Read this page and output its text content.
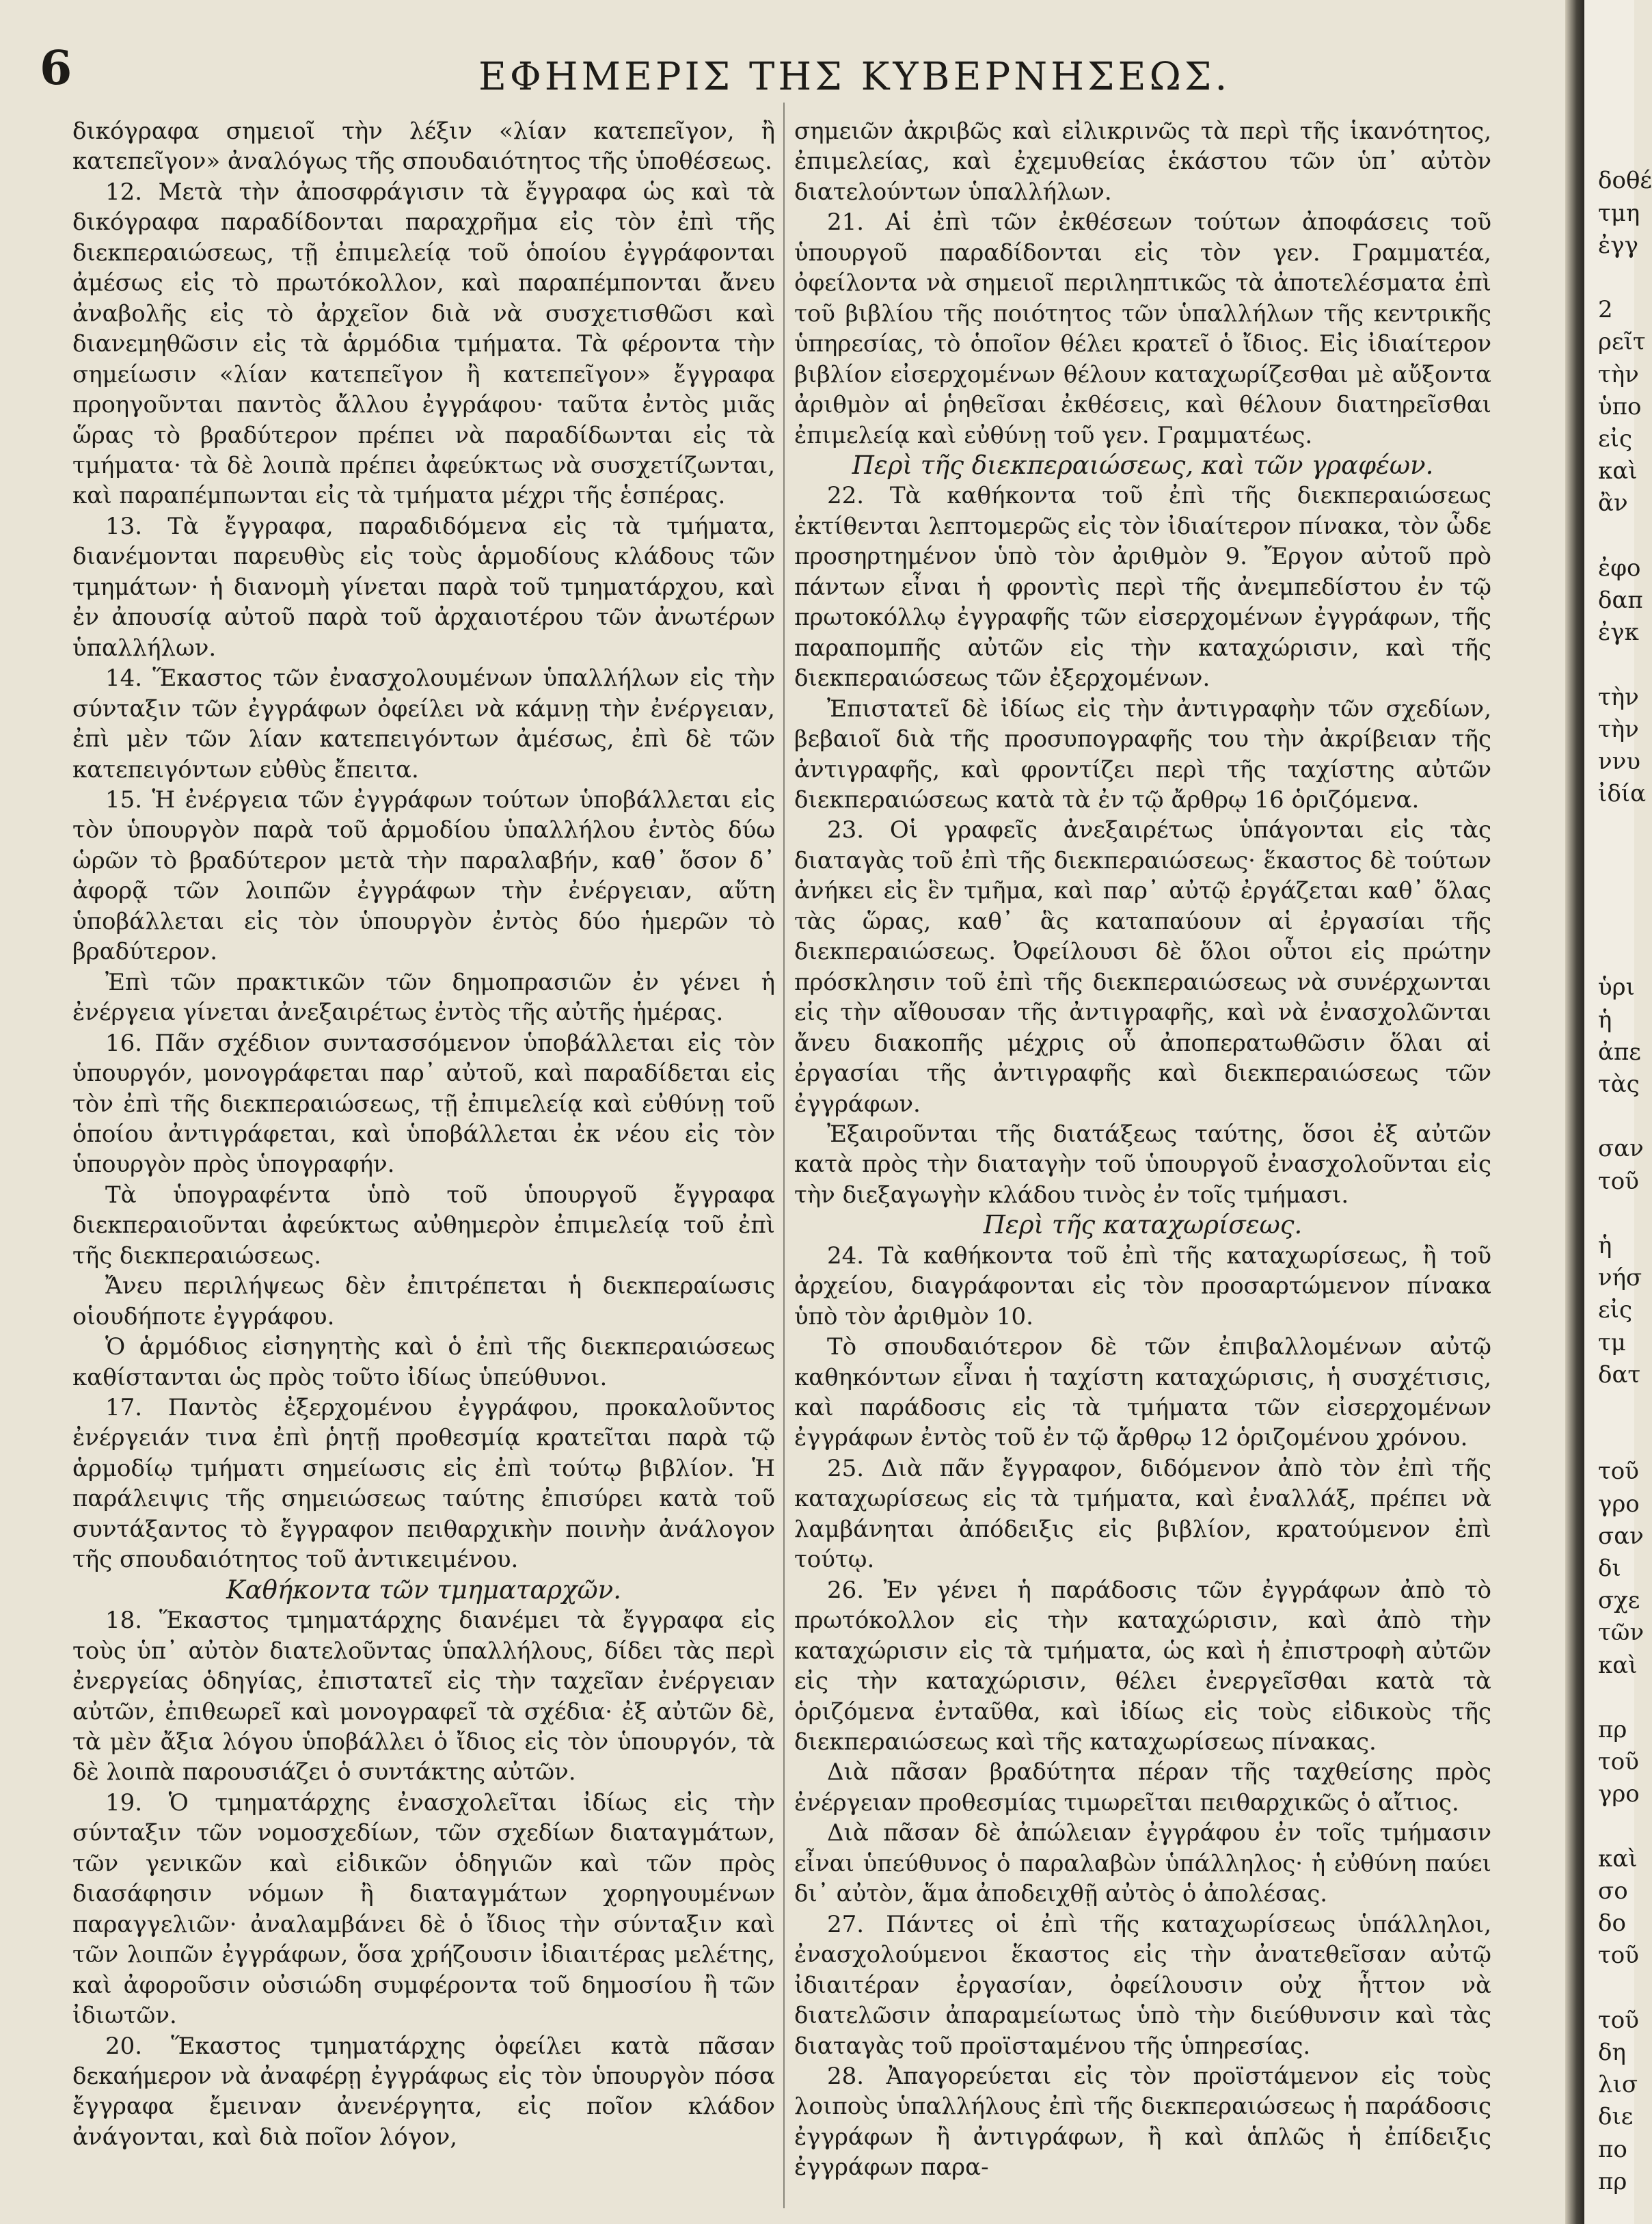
6	ΕΦΗΜΕΡΙΣ ΤΗΣ ΚΥΒΕΡΝΗΣΕΩΣ.

δικόγραφα σημειοῖ τὴν λέξιν «λίαν κατεπεῖγον, ἢ κατεπεῖγον» ἀναλόγως τῆς σπουδαιότητος τῆς ὑποθέσεως.

12. Μετὰ τὴν ἀποσφράγισιν τὰ ἔγγραφα ὡς καὶ τὰ δικόγραφα παραδίδονται παραχρῆμα εἰς τὸν ἐπὶ τῆς διεκπεραιώσεως, τῇ ἐπιμελείᾳ τοῦ ὁποίου ἐγγράφονται ἀμέσως εἰς τὸ πρωτόκολλον, καὶ παραπέμπονται ἄνευ ἀναβολῆς εἰς τὸ ἀρχεῖον διὰ νὰ συσχετισθῶσι καὶ διανεμηθῶσιν εἰς τὰ ἁρμόδια τμήματα. Τὰ φέροντα τὴν σημείωσιν «λίαν κατεπεῖγον ἢ κατεπεῖγον» ἔγγραφα προηγοῦνται παντὸς ἄλλου ἐγγράφου· ταῦτα ἐντὸς μιᾶς ὥρας τὸ βραδύτερον πρέπει νὰ παραδίδωνται εἰς τὰ τμήματα· τὰ δὲ λοιπὰ πρέπει ἀφεύκτως νὰ συσχετίζωνται, καὶ παραπέμπωνται εἰς τὰ τμήματα μέχρι τῆς ἑσπέρας.

13. Τὰ ἔγγραφα, παραδιδόμενα εἰς τὰ τμήματα, διανέμονται παρευθὺς εἰς τοὺς ἁρμοδίους κλάδους τῶν τμημάτων· ἡ διανομὴ γίνεται παρὰ τοῦ τμηματάρχου, καὶ ἐν ἀπουσίᾳ αὐτοῦ παρὰ τοῦ ἀρχαιοτέρου τῶν ἀνωτέρων ὑπαλλήλων.

14. Ἕκαστος τῶν ἐνασχολουμένων ὑπαλλήλων εἰς τὴν σύνταξιν τῶν ἐγγράφων ὀφείλει νὰ κάμνῃ τὴν ἐνέργειαν, ἐπὶ μὲν τῶν λίαν κατεπειγόντων ἀμέσως, ἐπὶ δὲ τῶν κατεπειγόντων εὐθὺς ἔπειτα.

15. Ἡ ἐνέργεια τῶν ἐγγράφων τούτων ὑποβάλλεται εἰς τὸν ὑπουργὸν παρὰ τοῦ ἁρμοδίου ὑπαλλήλου ἐντὸς δύω ὡρῶν τὸ βραδύτερον μετὰ τὴν παραλαβήν, καθ᾽ ὅσον δ᾽ ἀφορᾷ τῶν λοιπῶν ἐγγράφων τὴν ἐνέργειαν, αὕτη ὑποβάλλεται εἰς τὸν ὑπουργὸν ἐντὸς δύο ἡμερῶν τὸ βραδύτερον.

Ἐπὶ τῶν πρακτικῶν τῶν δημοπρασιῶν ἐν γένει ἡ ἐνέργεια γίνεται ἀνεξαιρέτως ἐντὸς τῆς αὐτῆς ἡμέρας.

16. Πᾶν σχέδιον συντασσόμενον ὑποβάλλεται εἰς τὸν ὑπουργόν, μονογράφεται παρ᾽ αὐτοῦ, καὶ παραδίδεται εἰς τὸν ἐπὶ τῆς διεκπεραιώσεως, τῇ ἐπιμελείᾳ καὶ εὐθύνῃ τοῦ ὁποίου ἀντιγράφεται, καὶ ὑποβάλλεται ἐκ νέου εἰς τὸν ὑπουργὸν πρὸς ὑπογραφήν.

Τὰ ὑπογραφέντα ὑπὸ τοῦ ὑπουργοῦ ἔγγραφα διεκπεραιοῦνται ἀφεύκτως αὐθημερὸν ἐπιμελείᾳ τοῦ ἐπὶ τῆς διεκπεραιώσεως.

Ἄνευ περιλήψεως δὲν ἐπιτρέπεται ἡ διεκπεραίωσις οἱουδήποτε ἐγγράφου.

Ὁ ἁρμόδιος εἰσηγητὴς καὶ ὁ ἐπὶ τῆς διεκπεραιώσεως καθίστανται ὡς πρὸς τοῦτο ἰδίως ὑπεύθυνοι.

17. Παντὸς ἐξερχομένου ἐγγράφου, προκαλοῦντος ἐνέργειάν τινα ἐπὶ ῥητῇ προθεσμίᾳ κρατεῖται παρὰ τῷ ἁρμοδίῳ τμήματι σημείωσις εἰς ἐπὶ τούτῳ βιβλίον. Ἡ παράλειψις τῆς σημειώσεως ταύτης ἐπισύρει κατὰ τοῦ συντάξαντος τὸ ἔγγραφον πειθαρχικὴν ποινὴν ἀνάλογον τῆς σπουδαιότητος τοῦ ἀντικειμένου.

Καθήκοντα τῶν τμηματαρχῶν.

18. Ἕκαστος τμηματάρχης διανέμει τὰ ἔγγραφα εἰς τοὺς ὑπ᾽ αὐτὸν διατελοῦντας ὑπαλλήλους, δίδει τὰς περὶ ἐνεργείας ὁδηγίας, ἐπιστατεῖ εἰς τὴν ταχεῖαν ἐνέργειαν αὐτῶν, ἐπιθεωρεῖ καὶ μονογραφεῖ τὰ σχέδια· ἐξ αὐτῶν δὲ, τὰ μὲν ἄξια λόγου ὑποβάλλει ὁ ἴδιος εἰς τὸν ὑπουργόν, τὰ δὲ λοιπὰ παρουσιάζει ὁ συντάκτης αὐτῶν.

19. Ὁ τμηματάρχης ἐνασχολεῖται ἰδίως εἰς τὴν σύνταξιν τῶν νομοσχεδίων, τῶν σχεδίων διαταγμάτων, τῶν γενικῶν καὶ εἰδικῶν ὁδηγιῶν καὶ τῶν πρὸς διασάφησιν νόμων ἢ διαταγμάτων χορηγουμένων παραγγελιῶν· ἀναλαμβάνει δὲ ὁ ἴδιος τὴν σύνταξιν καὶ τῶν λοιπῶν ἐγγράφων, ὅσα χρήζουσιν ἰδιαιτέρας μελέτης, καὶ ἀφοροῦσιν οὐσιώδη συμφέροντα τοῦ δημοσίου ἢ τῶν ἰδιωτῶν.

20. Ἕκαστος τμηματάρχης ὀφείλει κατὰ πᾶσαν δεκαήμερον νὰ ἀναφέρῃ ἐγγράφως εἰς τὸν ὑπουργὸν πόσα ἔγγραφα ἔμειναν ἀνενέργητα, εἰς ποῖον κλάδον ἀνάγονται, καὶ διὰ ποῖον λόγον,

σημειῶν ἀκριβῶς καὶ εἰλικρινῶς τὰ περὶ τῆς ἱκανότητος, ἐπιμελείας, καὶ ἐχεμυθείας ἑκάστου τῶν ὑπ᾽ αὐτὸν διατελούντων ὑπαλλήλων.

21. Αἱ ἐπὶ τῶν ἐκθέσεων τούτων ἀποφάσεις τοῦ ὑπουργοῦ παραδίδονται εἰς τὸν γεν. Γραμματέα, ὀφείλοντα νὰ σημειοῖ περιληπτικῶς τὰ ἀποτελέσματα ἐπὶ τοῦ βιβλίου τῆς ποιότητος τῶν ὑπαλλήλων τῆς κεντρικῆς ὑπηρεσίας, τὸ ὁποῖον θέλει κρατεῖ ὁ ἴδιος. Εἰς ἰδιαίτερον βιβλίον εἰσερχομένων θέλουν καταχωρίζεσθαι μὲ αὔξοντα ἀριθμὸν αἱ ῥηθεῖσαι ἐκθέσεις, καὶ θέλουν διατηρεῖσθαι ἐπιμελείᾳ καὶ εὐθύνῃ τοῦ γεν. Γραμματέως.

Περὶ τῆς διεκπεραιώσεως, καὶ τῶν γραφέων.

22. Τὰ καθήκοντα τοῦ ἐπὶ τῆς διεκπεραιώσεως ἐκτίθενται λεπτομερῶς εἰς τὸν ἰδιαίτερον πίνακα, τὸν ὧδε προσηρτημένον ὑπὸ τὸν ἀριθμὸν 9. Ἔργον αὐτοῦ πρὸ πάντων εἶναι ἡ φροντὶς περὶ τῆς ἀνεμπεδίστου ἐν τῷ πρωτοκόλλῳ ἐγγραφῆς τῶν εἰσερχομένων ἐγγράφων, τῆς παραπομπῆς αὐτῶν εἰς τὴν καταχώρισιν, καὶ τῆς διεκπεραιώσεως τῶν ἐξερχομένων.

Ἐπιστατεῖ δὲ ἰδίως εἰς τὴν ἀντιγραφὴν τῶν σχεδίων, βεβαιοῖ διὰ τῆς προσυπογραφῆς του τὴν ἀκρίβειαν τῆς ἀντιγραφῆς, καὶ φροντίζει περὶ τῆς ταχίστης αὐτῶν διεκπεραιώσεως κατὰ τὰ ἐν τῷ ἄρθρῳ 16 ὁριζόμενα.

23. Οἱ γραφεῖς ἀνεξαιρέτως ὑπάγονται εἰς τὰς διαταγὰς τοῦ ἐπὶ τῆς διεκπεραιώσεως· ἕκαστος δὲ τούτων ἀνήκει εἰς ἓν τμῆμα, καὶ παρ᾽ αὐτῷ ἐργάζεται καθ᾽ ὅλας τὰς ὥρας, καθ᾽ ἃς καταπαύουν αἱ ἐργασίαι τῆς διεκπεραιώσεως. Ὀφείλουσι δὲ ὅλοι οὗτοι εἰς πρώτην πρόσκλησιν τοῦ ἐπὶ τῆς διεκπεραιώσεως νὰ συνέρχωνται εἰς τὴν αἴθουσαν τῆς ἀντιγραφῆς, καὶ νὰ ἐνασχολῶνται ἄνευ διακοπῆς μέχρις οὗ ἀποπερατωθῶσιν ὅλαι αἱ ἐργασίαι τῆς ἀντιγραφῆς καὶ διεκπεραιώσεως τῶν ἐγγράφων.

Ἐξαιροῦνται τῆς διατάξεως ταύτης, ὅσοι ἐξ αὐτῶν κατὰ πρὸς τὴν διαταγὴν τοῦ ὑπουργοῦ ἐνασχολοῦνται εἰς τὴν διεξαγωγὴν κλάδου τινὸς ἐν τοῖς τμήμασι.

Περὶ τῆς καταχωρίσεως.

24. Τὰ καθήκοντα τοῦ ἐπὶ τῆς καταχωρίσεως, ἢ τοῦ ἀρχείου, διαγράφονται εἰς τὸν προσαρτώμενον πίνακα ὑπὸ τὸν ἀριθμὸν 10.

Τὸ σπουδαιότερον δὲ τῶν ἐπιβαλλομένων αὐτῷ καθηκόντων εἶναι ἡ ταχίστη καταχώρισις, ἡ συσχέτισις, καὶ παράδοσις εἰς τὰ τμήματα τῶν εἰσερχομένων ἐγγράφων ἐντὸς τοῦ ἐν τῷ ἄρθρῳ 12 ὁριζομένου χρόνου.

25. Διὰ πᾶν ἔγγραφον, διδόμενον ἀπὸ τὸν ἐπὶ τῆς καταχωρίσεως εἰς τὰ τμήματα, καὶ ἐναλλάξ, πρέπει νὰ λαμβάνηται ἀπόδειξις εἰς βιβλίον, κρατούμενον ἐπὶ τούτῳ.

26. Ἐν γένει ἡ παράδοσις τῶν ἐγγράφων ἀπὸ τὸ πρωτόκολλον εἰς τὴν καταχώρισιν, καὶ ἀπὸ τὴν καταχώρισιν εἰς τὰ τμήματα, ὡς καὶ ἡ ἐπιστροφὴ αὐτῶν εἰς τὴν καταχώρισιν, θέλει ἐνεργεῖσθαι κατὰ τὰ ὁριζόμενα ἐνταῦθα, καὶ ἰδίως εἰς τοὺς εἰδικοὺς τῆς διεκπεραιώσεως καὶ τῆς καταχωρίσεως πίνακας.

Διὰ πᾶσαν βραδύτητα πέραν τῆς ταχθείσης πρὸς ἐνέργειαν προθεσμίας τιμωρεῖται πειθαρχικῶς ὁ αἴτιος.

Διὰ πᾶσαν δὲ ἀπώλειαν ἐγγράφου ἐν τοῖς τμήμασιν εἶναι ὑπεύθυνος ὁ παραλαβὼν ὑπάλληλος· ἡ εὐθύνη παύει δι᾽ αὐτὸν, ἅμα ἀποδειχθῇ αὐτὸς ὁ ἀπολέσας.

27. Πάντες οἱ ἐπὶ τῆς καταχωρίσεως ὑπάλληλοι, ἐνασχολούμενοι ἕκαστος εἰς τὴν ἀνατεθεῖσαν αὐτῷ ἰδιαιτέραν ἐργασίαν, ὀφείλουσιν οὐχ ἧττον νὰ διατελῶσιν ἀπαραμείωτως ὑπὸ τὴν διεύθυνσιν καὶ τὰς διαταγὰς τοῦ προϊσταμένου τῆς ὑπηρεσίας.

28. Ἀπαγορεύεται εἰς τὸν προϊστάμενον εἰς τοὺς λοιποὺς ὑπαλλήλους ἐπὶ τῆς διεκπεραιώσεως ἡ παράδοσις ἐγγράφων ἢ ἀντιγράφων, ἢ καὶ ἁπλῶς ἡ ἐπίδειξις ἐγγράφων παρα-

δοθέ
τμη
ἐγγ
2
ρεῖτ
τὴν
ὑπο
εἰς
καὶ
ἂν
ἐφο
δαπ
ἐγκ
τὴν
τὴν
ννυ
ἰδία
ὑρι
ἡ
ἀπε
τὰς
σαν
τοῦ
ἡ
νήσ
εἰς
τμ
δατ
τοῦ
γρο
σαν
δι
σχε
τῶν
καὶ
πρ
τοῦ
γρο
καὶ
σο
δο
τοῦ
τοῦ
δη
λισ
διε
πο
πρ
